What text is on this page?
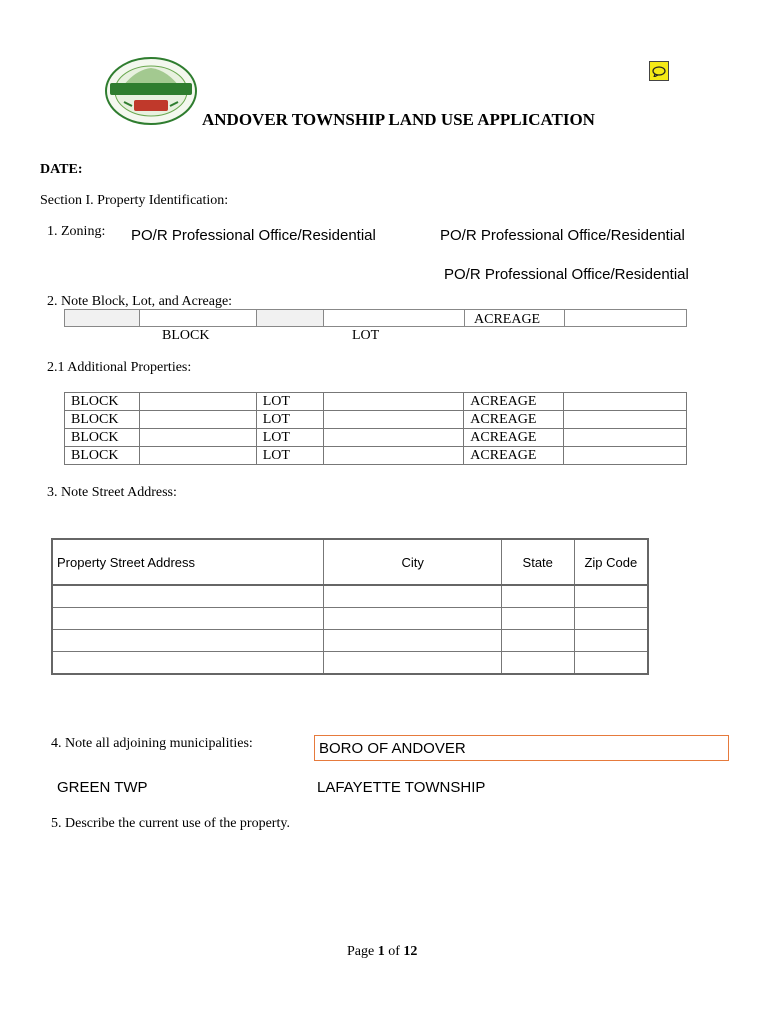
ANDOVER TOWNSHIP LAND USE APPLICATION
DATE:
Section I. Property Identification:
1. Zoning: PO/R Professional Office/Residential	PO/R Professional Office/Residential
PO/R Professional Office/Residential
2. Note Block, Lot, and Acreage:
ACREAGE
BLOCK	LOT
2.1 Additional Properties:
BLOCK		LOT		ACREAGE	
BLOCK		LOT		ACREAGE	
BLOCK		LOT		ACREAGE	
BLOCK		LOT		ACREAGE	
3. Note Street Address:
Property Street Address	City	State	Zip Code

4. Note all adjoining municipalities:	BORO OF ANDOVER
GREEN TWP	LAFAYETTE TOWNSHIP
5. Describe the current use of the property.
Page 1 of 12
